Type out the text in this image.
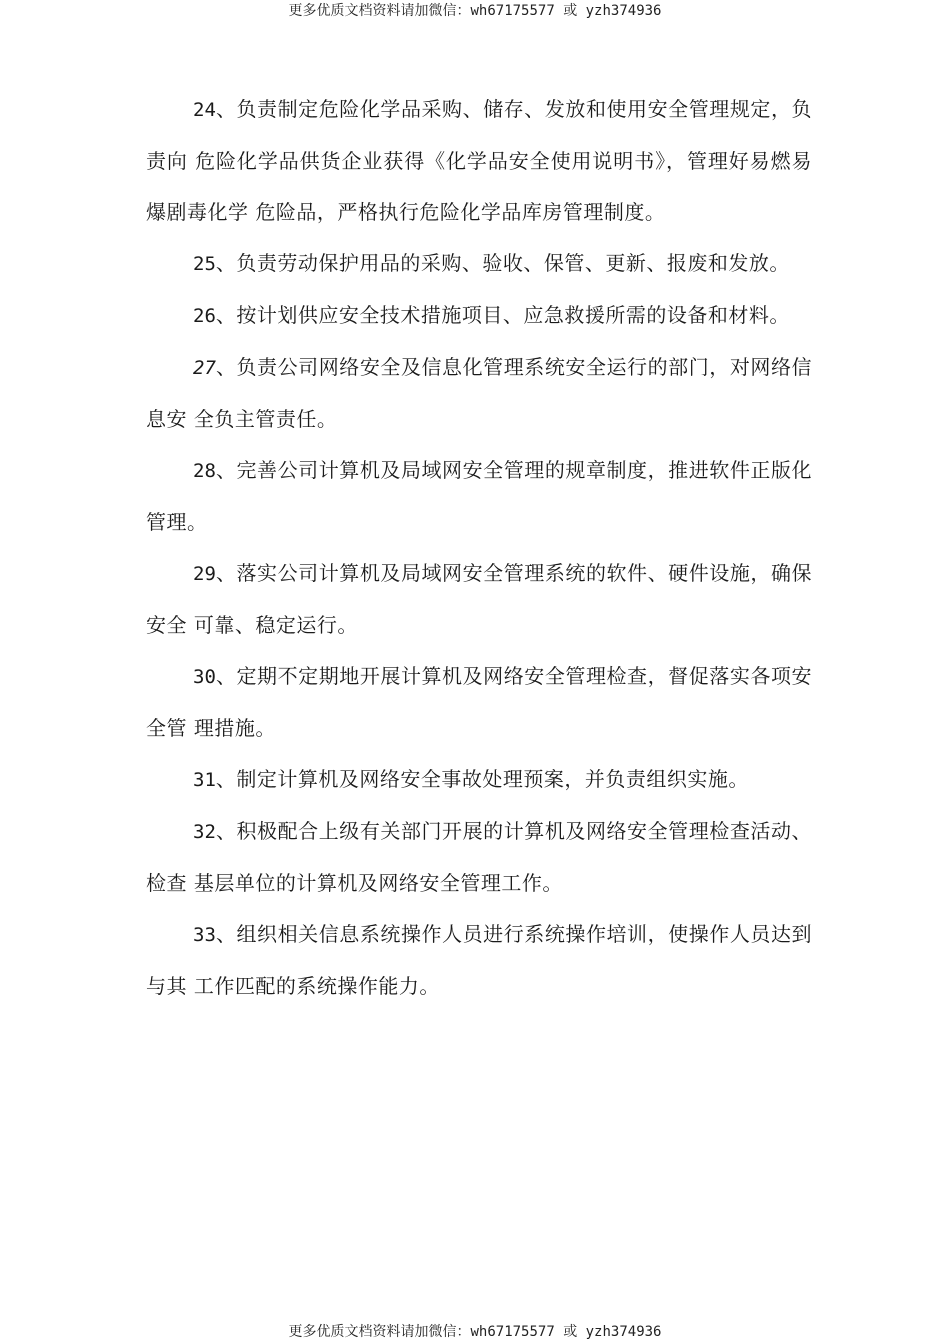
更多优质文档资料请加微信：wh67175577 或 yzh374936

24、负责制定危险化学品采购、储存、发放和使用安全管理规定，负责向 危险化学品供货企业获得《化学品安全使用说明书》，管理好易燃易爆剧毒化学 危险品，严格执行危险化学品库房管理制度。

25、负责劳动保护用品的采购、验收、保管、更新、报废和发放。

26、按计划供应安全技术措施项目、应急救援所需的设备和材料。

27、负责公司网络安全及信息化管理系统安全运行的部门，对网络信息安 全负主管责任。

28、完善公司计算机及局域网安全管理的规章制度，推进软件正版化管理。

29、落实公司计算机及局域网安全管理系统的软件、硬件设施，确保安全 可靠、稳定运行。

30、定期不定期地开展计算机及网络安全管理检查，督促落实各项安全管 理措施。

31、制定计算机及网络安全事故处理预案，并负责组织实施。

32、积极配合上级有关部门开展的计算机及网络安全管理检查活动、检查 基层单位的计算机及网络安全管理工作。

33、组织相关信息系统操作人员进行系统操作培训，使操作人员达到与其 工作匹配的系统操作能力。

更多优质文档资料请加微信：wh67175577 或 yzh374936
